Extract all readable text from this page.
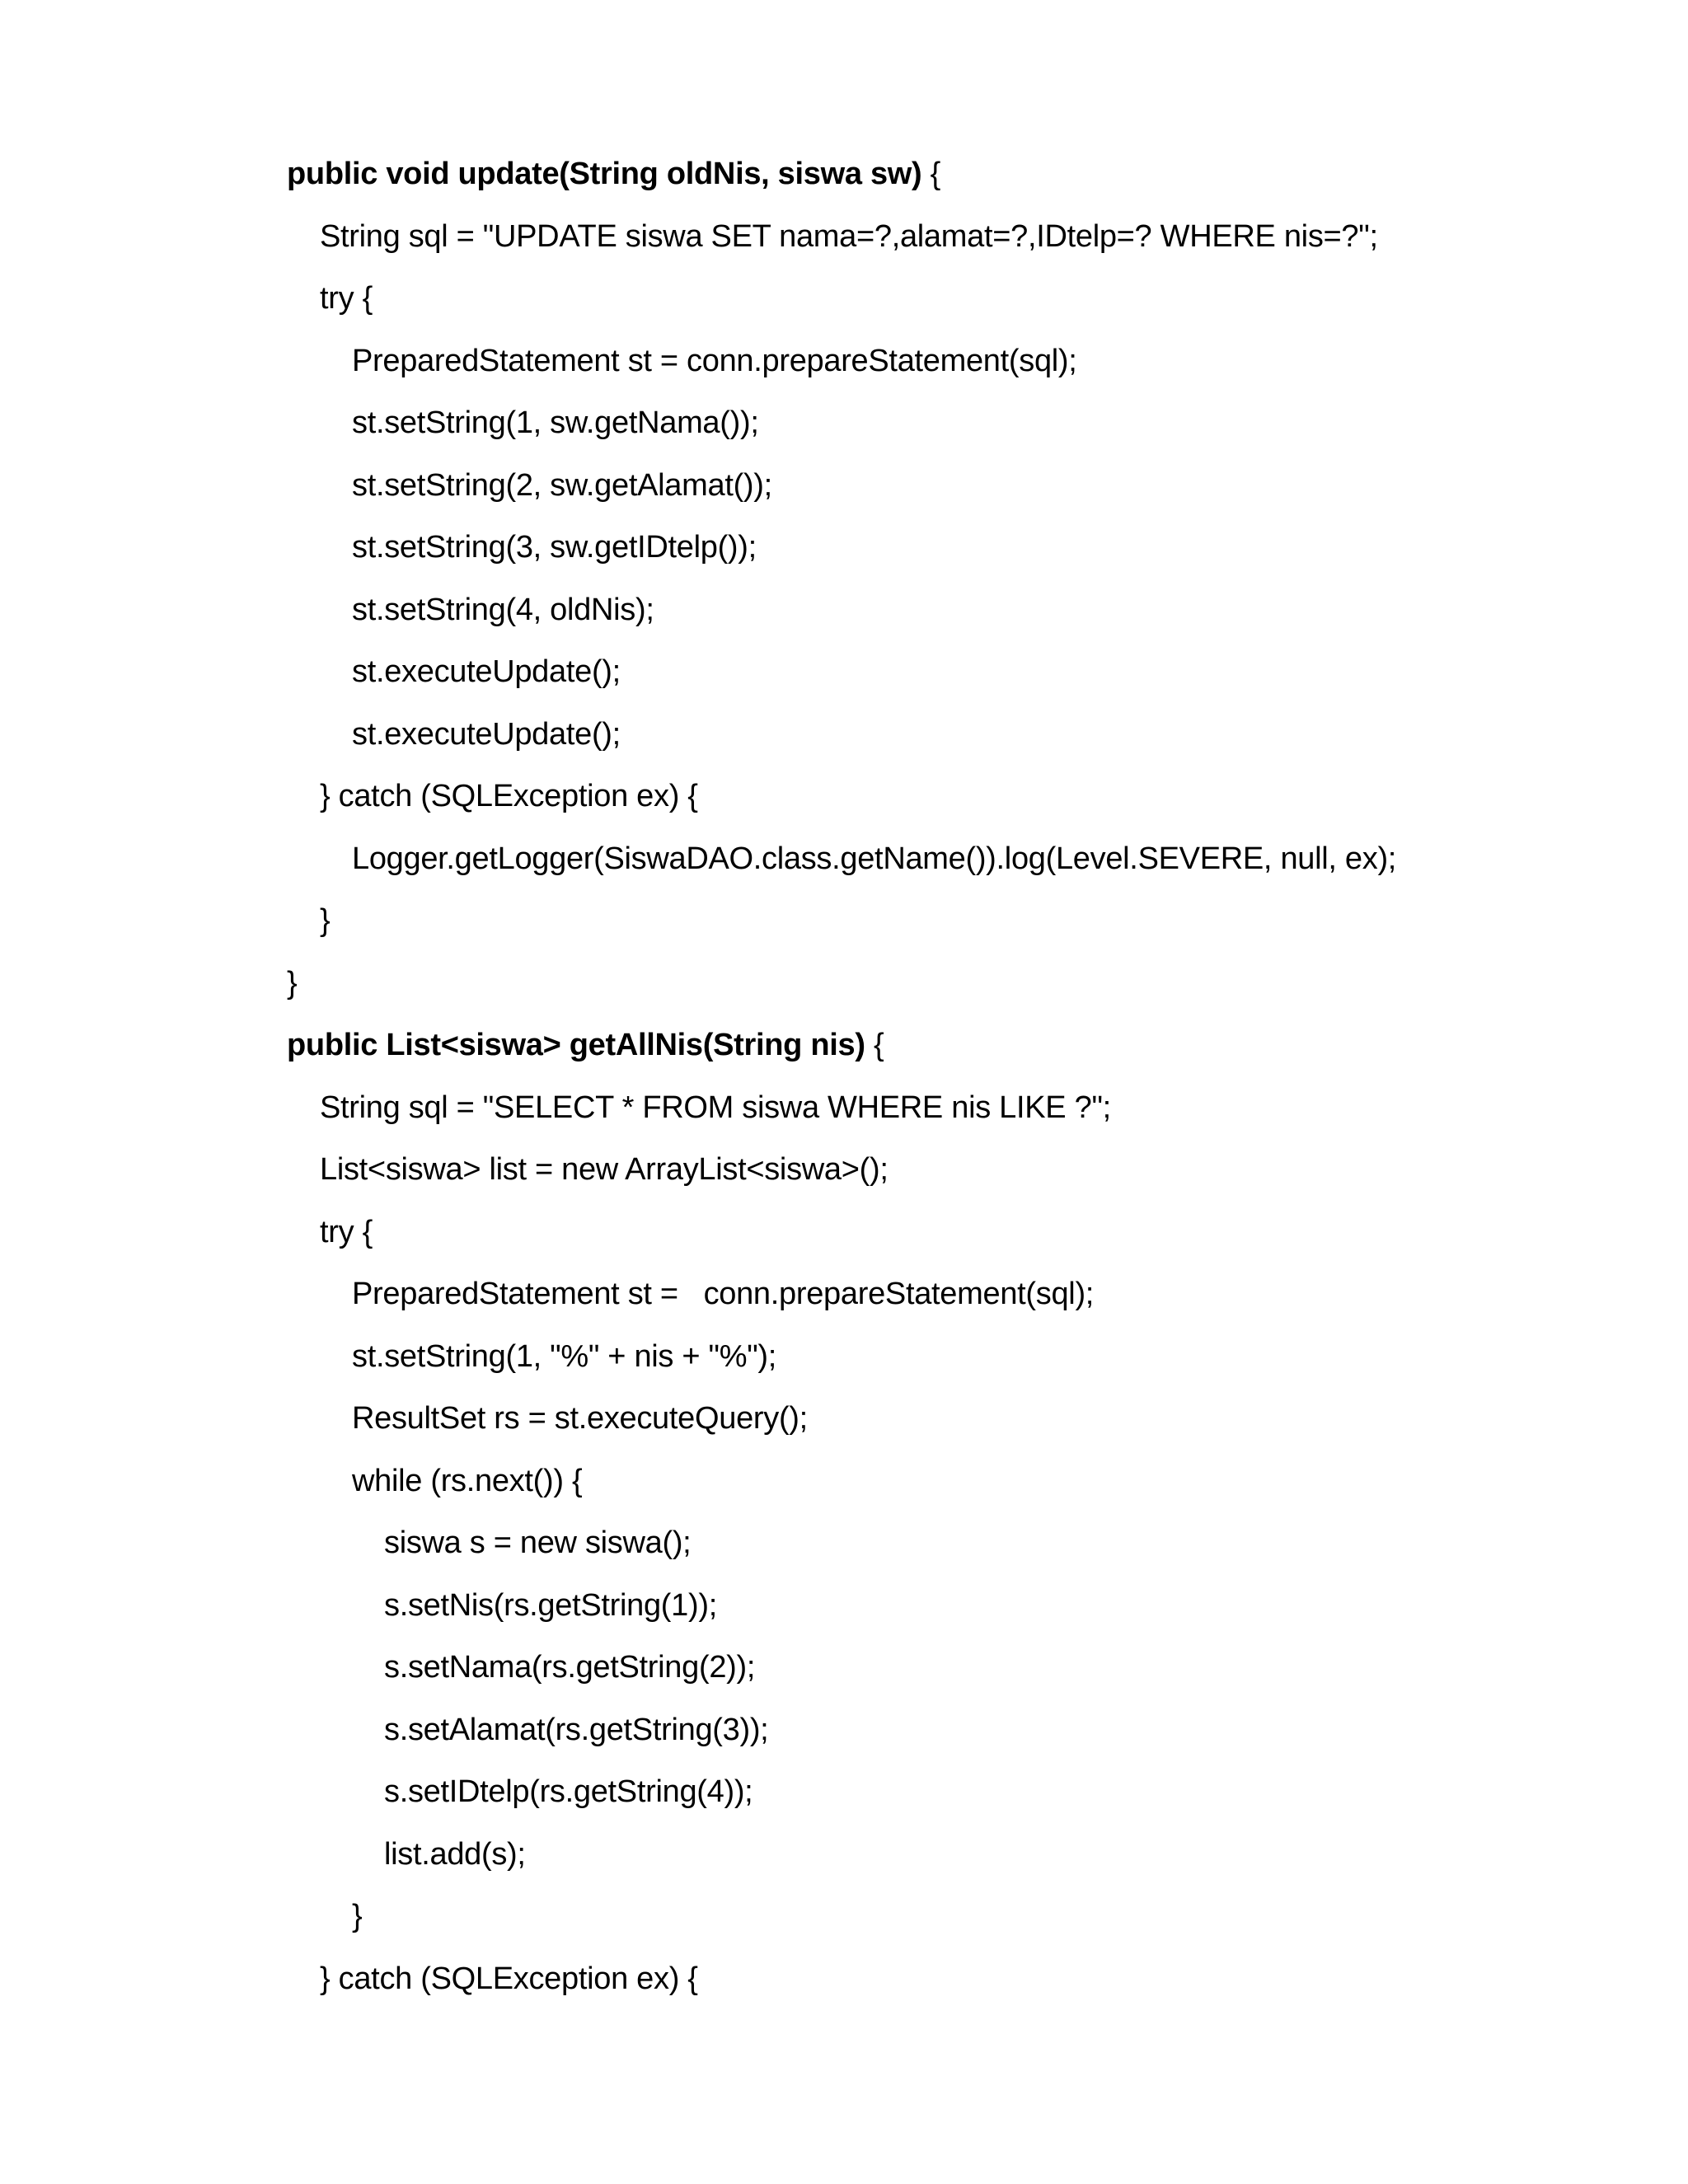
public void update(String oldNis, siswa sw) {
String sql = "UPDATE siswa SET nama=?,alamat=?,IDtelp=? WHERE nis=?";
try {
PreparedStatement st = conn.prepareStatement(sql);
st.setString(1, sw.getNama());
st.setString(2, sw.getAlamat());
st.setString(3, sw.getIDtelp());
st.setString(4, oldNis);
st.executeUpdate();
st.executeUpdate();
} catch (SQLException ex) {
Logger.getLogger(SiswaDAO.class.getName()).log(Level.SEVERE, null, ex);
}
}
public List<siswa> getAllNis(String nis) {
String sql = "SELECT * FROM siswa WHERE nis LIKE ?";
List<siswa> list = new ArrayList<siswa>();
try {
PreparedStatement st =   conn.prepareStatement(sql);
st.setString(1, "%" + nis + "%");
ResultSet rs = st.executeQuery();
while (rs.next()) {
siswa s = new siswa();
s.setNis(rs.getString(1));
s.setNama(rs.getString(2));
s.setAlamat(rs.getString(3));
s.setIDtelp(rs.getString(4));
list.add(s);
}
} catch (SQLException ex) {
